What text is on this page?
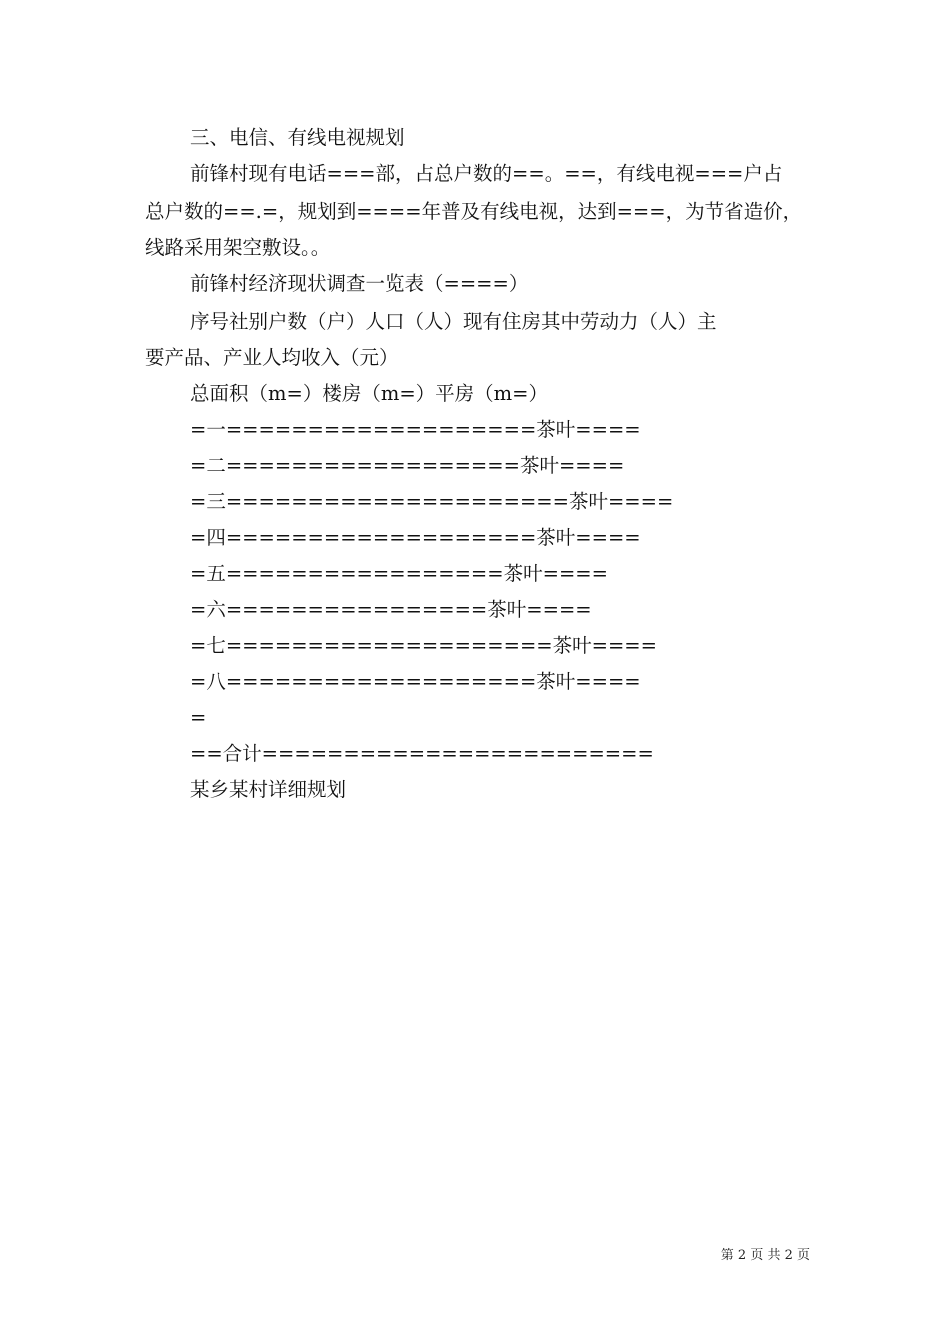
三、电信、有线电视规划
前锋村现有电话===部，占总户数的==。==，有线电视===户占
总户数的==.=，规划到====年普及有线电视，达到===，为节省造价，
线路采用架空敷设。。
前锋村经济现状调查一览表（====）
序号社别户数（户）人口（人）现有住房其中劳动力（人）主
要产品、产业人均收入（元）
总面积（m=）楼房（m=）平房（m=）
=一===================茶叶====
=二==================茶叶====
=三=====================茶叶====
=四===================茶叶====
=五=================茶叶====
=六================茶叶====
=七====================茶叶====
=八===================茶叶====
=
==合计========================
某乡某村详细规划
第 2 页 共 2 页
